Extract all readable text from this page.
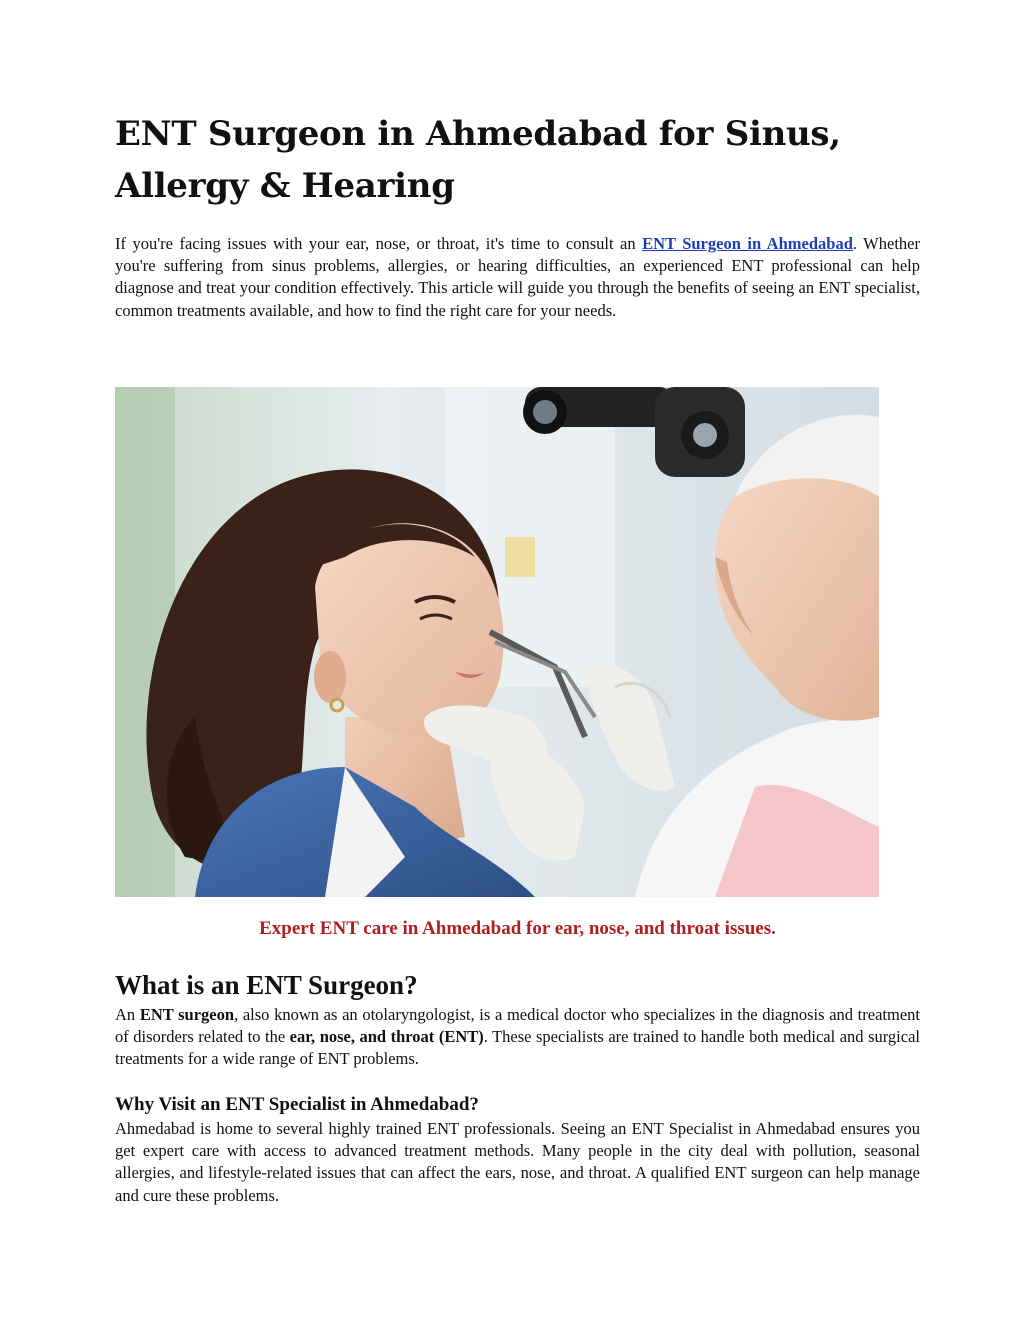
ENT Surgeon in Ahmedabad for Sinus, Allergy & Hearing

If you're facing issues with your ear, nose, or throat, it's time to consult an ENT Surgeon in Ahmedabad. Whether you're suffering from sinus problems, allergies, or hearing difficulties, an experienced ENT professional can help diagnose and treat your condition effectively. This article will guide you through the benefits of seeing an ENT specialist, common treatments available, and how to find the right care for your needs.

Expert ENT care in Ahmedabad for ear, nose, and throat issues.

What is an ENT Surgeon?

An ENT surgeon, also known as an otolaryngologist, is a medical doctor who specializes in the diagnosis and treatment of disorders related to the ear, nose, and throat (ENT). These specialists are trained to handle both medical and surgical treatments for a wide range of ENT problems.

Why Visit an ENT Specialist in Ahmedabad?

Ahmedabad is home to several highly trained ENT professionals. Seeing an ENT Specialist in Ahmedabad ensures you get expert care with access to advanced treatment methods. Many people in the city deal with pollution, seasonal allergies, and lifestyle-related issues that can affect the ears, nose, and throat. A qualified ENT surgeon can help manage and cure these problems.
